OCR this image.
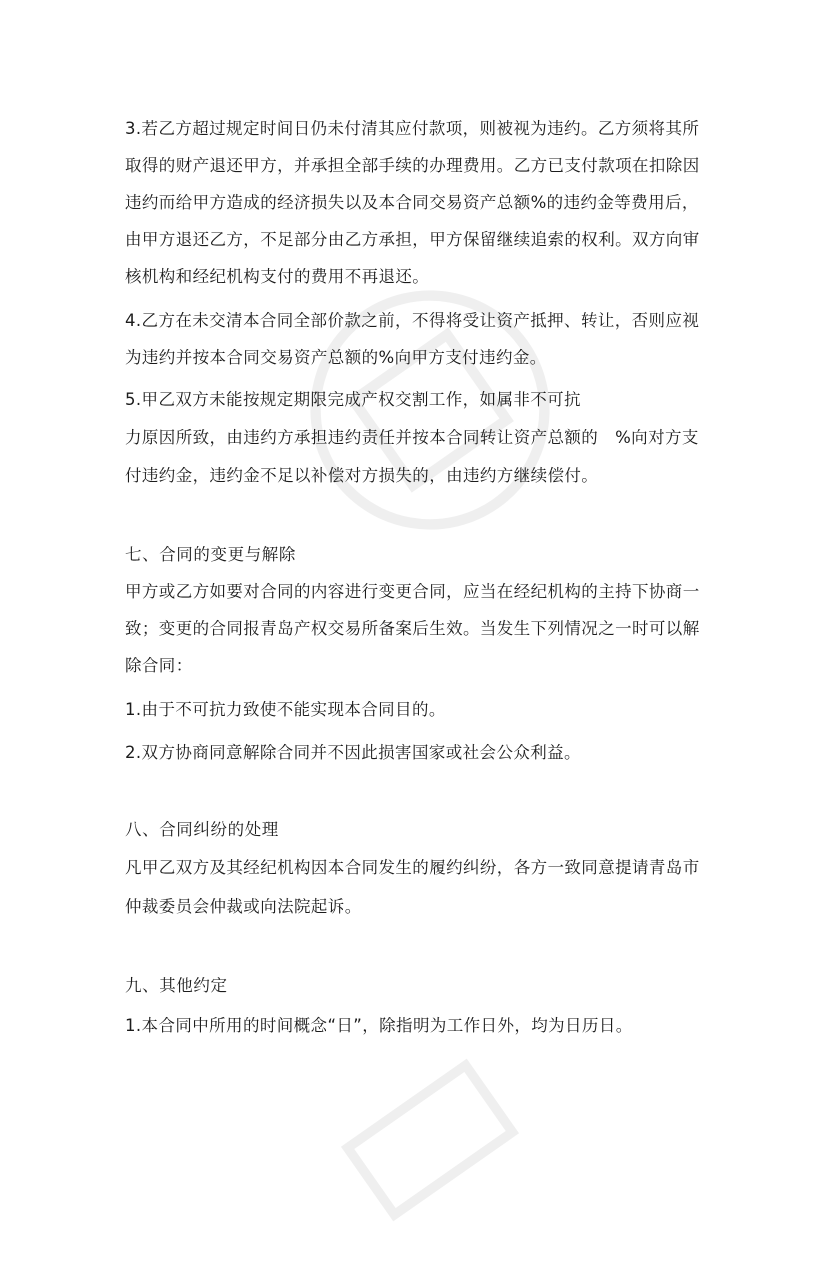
3.若乙方超过规定时间日仍未付清其应付款项，则被视为违约。乙方须将其所
取得的财产退还甲方，并承担全部手续的办理费用。乙方已支付款项在扣除因
违约而给甲方造成的经济损失以及本合同交易资产总额%的违约金等费用后，
由甲方退还乙方，不足部分由乙方承担，甲方保留继续追索的权利。双方向审
核机构和经纪机构支付的费用不再退还。
4.乙方在未交清本合同全部价款之前，不得将受让资产抵押、转让，否则应视
为违约并按本合同交易资产总额的%向甲方支付违约金。
5.甲乙双方未能按规定期限完成产权交割工作，如属非不可抗
力原因所致，由违约方承担违约责任并按本合同转让资产总额的　%向对方支
付违约金，违约金不足以补偿对方损失的，由违约方继续偿付。
七、合同的变更与解除
甲方或乙方如要对合同的内容进行变更合同，应当在经纪机构的主持下协商一
致；变更的合同报青岛产权交易所备案后生效。当发生下列情况之一时可以解
除合同：
1.由于不可抗力致使不能实现本合同目的。
2.双方协商同意解除合同并不因此损害国家或社会公众利益。
八、合同纠纷的处理
凡甲乙双方及其经纪机构因本合同发生的履约纠纷，各方一致同意提请青岛市
仲裁委员会仲裁或向法院起诉。
九、其他约定
1.本合同中所用的时间概念“日”，除指明为工作日外，均为日历日。
